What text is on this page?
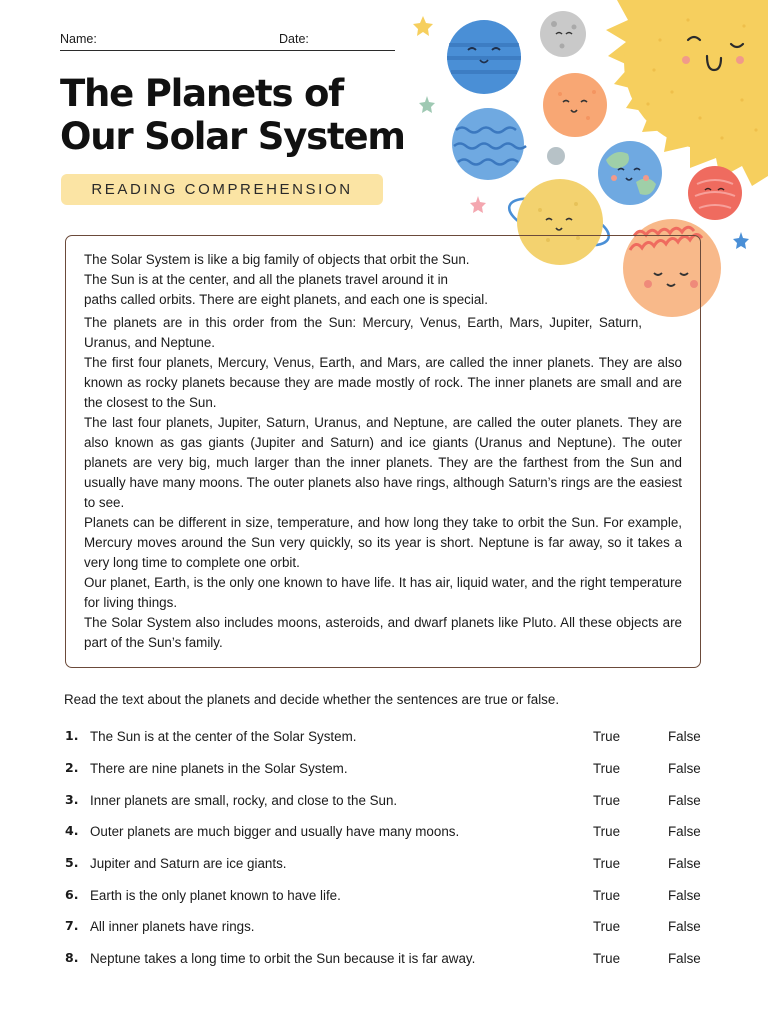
Name:	Date:
The Planets of
Our Solar System
READING COMPREHENSION

The Solar System is like a big family of objects that orbit the Sun.
The Sun is at the center, and all the planets travel around it in
paths called orbits. There are eight planets, and each one is special.

The planets are in this order from the Sun: Mercury, Venus, Earth, Mars, Jupiter, Saturn, Uranus, and Neptune.

The first four planets, Mercury, Venus, Earth, and Mars, are called the inner planets. They are also known as rocky planets because they are made mostly of rock. The inner planets are small and are the closest to the Sun.

The last four planets, Jupiter, Saturn, Uranus, and Neptune, are called the outer planets. They are also known as gas giants (Jupiter and Saturn) and ice giants (Uranus and Neptune). The outer planets are very big, much larger than the inner planets. They are the farthest from the Sun and usually have many moons. The outer planets also have rings, although Saturn’s rings are the easiest to see.

Planets can be different in size, temperature, and how long they take to orbit the Sun. For example, Mercury moves around the Sun very quickly, so its year is short. Neptune is far away, so it takes a very long time to complete one orbit.

Our planet, Earth, is the only one known to have life. It has air, liquid water, and the right temperature for living things.

The Solar System also includes moons, asteroids, and dwarf planets like Pluto. All these objects are part of the Sun’s family.

Read the text about the planets and decide whether the sentences are true or false.
1. The Sun is at the center of the Solar System.	True	False
2. There are nine planets in the Solar System.	True	False
3. Inner planets are small, rocky, and close to the Sun.	True	False
4. Outer planets are much bigger and usually have many moons.	True	False
5. Jupiter and Saturn are ice giants.	True	False
6. Earth is the only planet known to have life.	True	False
7. All inner planets have rings.	True	False
8. Neptune takes a long time to orbit the Sun because it is far away.	True	False
